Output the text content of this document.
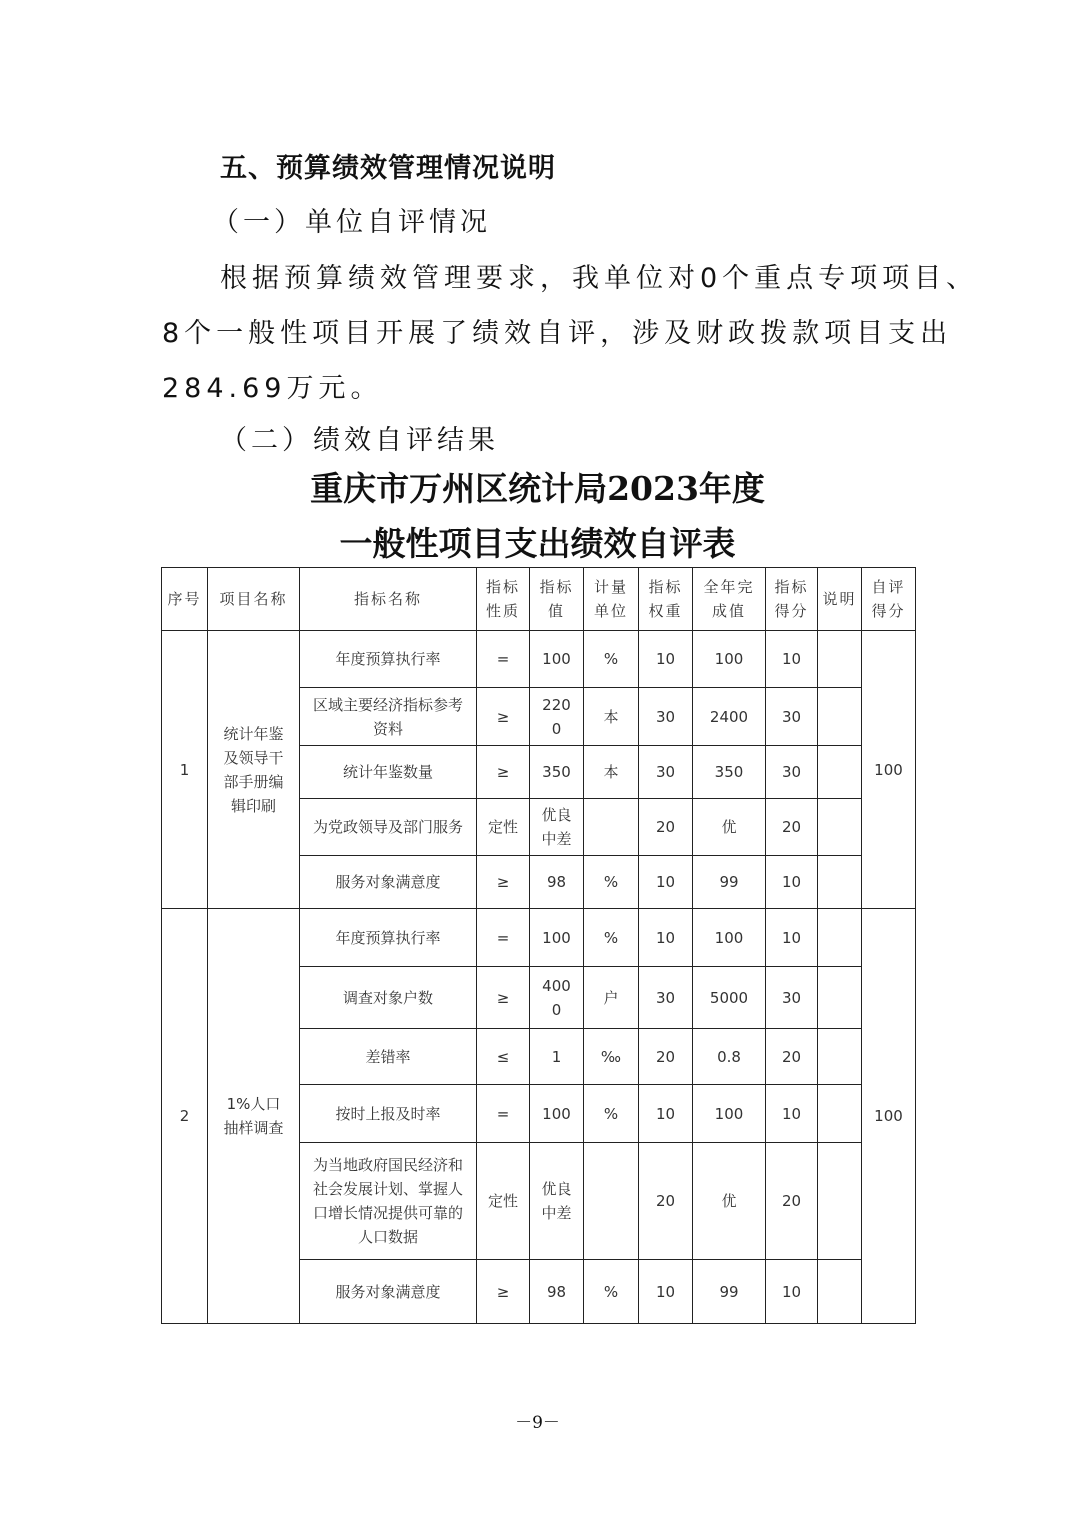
五、预算绩效管理情况说明
（一）单位自评情况
根据预算绩效管理要求，我单位对0个重点专项项目、
8个一般性项目开展了绩效自评，涉及财政拨款项目支出
284.69万元。
（二）绩效自评结果
重庆市万州区统计局2023年度
一般性项目支出绩效自评表
序号	项目名称	指标名称	指标性质	指标值	计量单位	指标权重	全年完成值	指标得分	说明	自评得分
1	统计年鉴及领导干部手册编辑印刷	年度预算执行率	=	100	%	10	100	10		100
		区域主要经济指标参考资料	≥	2200	本	30	2400	30		
		统计年鉴数量	≥	350	本	30	350	30		
		为党政领导及部门服务	定性	优良中差		20	优	20		
		服务对象满意度	≥	98	%	10	99	10		
2	1%人口抽样调查	年度预算执行率	=	100	%	10	100	10		100
		调查对象户数	≥	4000	户	30	5000	30		
		差错率	≤	1	‰	20	0.8	20		
		按时上报及时率	=	100	%	10	100	10		
		为当地政府国民经济和社会发展计划、掌握人口增长情况提供可靠的人口数据	定性	优良中差		20	优	20		
		服务对象满意度	≥	98	%	10	99	10		
－9－
